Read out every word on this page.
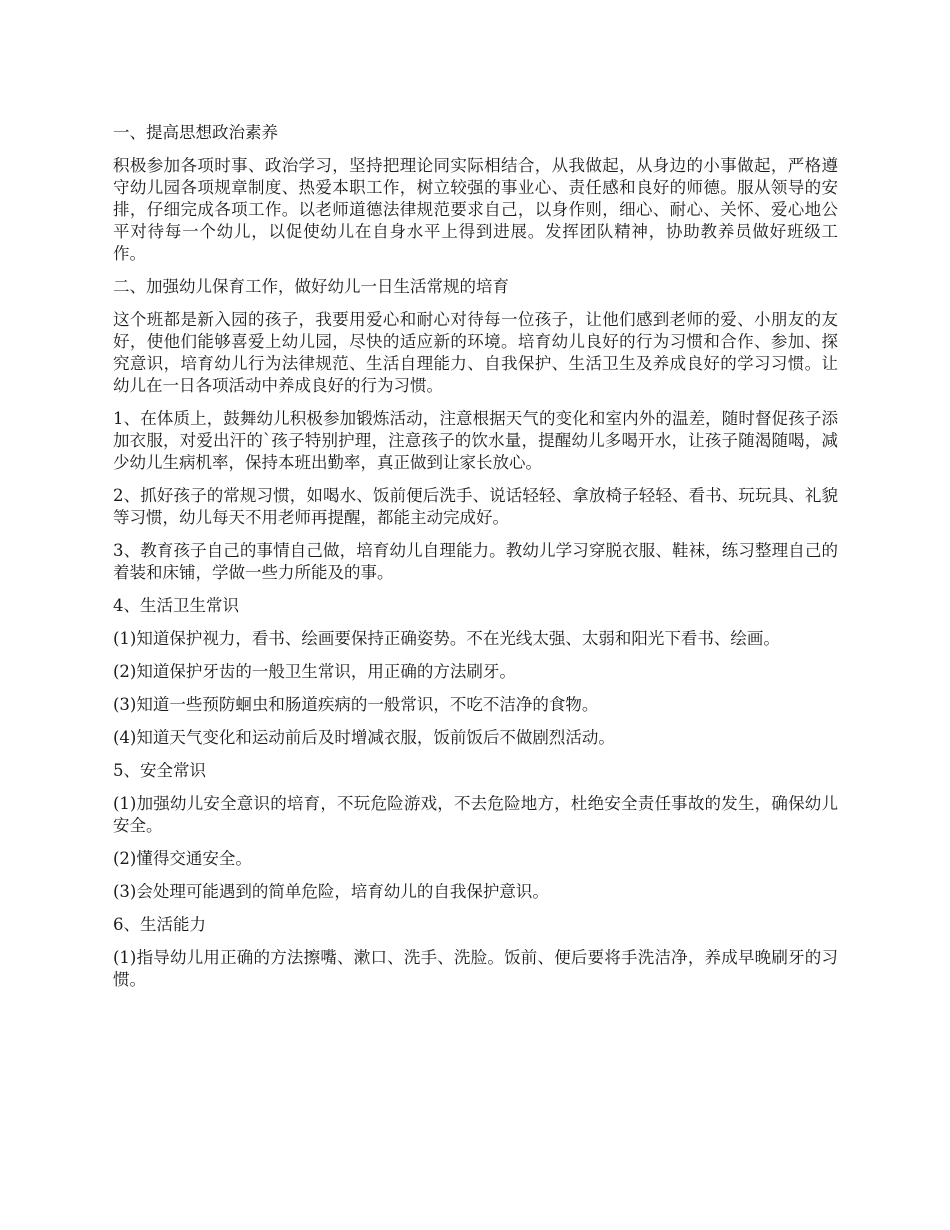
一、提高思想政治素养

积极参加各项时事、政治学习，坚持把理论同实际相结合，从我做起，从身边的小事做起，严格遵守幼儿园各项规章制度、热爱本职工作，树立较强的事业心、责任感和良好的师德。服从领导的安排，仔细完成各项工作。以老师道德法律规范要求自己，以身作则，细心、耐心、关怀、爱心地公平对待每一个幼儿，以促使幼儿在自身水平上得到进展。发挥团队精神，协助教养员做好班级工作。

二、加强幼儿保育工作，做好幼儿一日生活常规的培育

这个班都是新入园的孩子，我要用爱心和耐心对待每一位孩子，让他们感到老师的爱、小朋友的友好，使他们能够喜爱上幼儿园，尽快的适应新的环境。培育幼儿良好的行为习惯和合作、参加、探究意识，培育幼儿行为法律规范、生活自理能力、自我保护、生活卫生及养成良好的学习习惯。让幼儿在一日各项活动中养成良好的行为习惯。

1、在体质上，鼓舞幼儿积极参加锻炼活动，注意根据天气的变化和室内外的温差，随时督促孩子添加衣服，对爱出汗的`孩子特别护理，注意孩子的饮水量，提醒幼儿多喝开水，让孩子随渴随喝，减少幼儿生病机率，保持本班出勤率，真正做到让家长放心。

2、抓好孩子的常规习惯，如喝水、饭前便后洗手、说话轻轻、拿放椅子轻轻、看书、玩玩具、礼貌等习惯，幼儿每天不用老师再提醒，都能主动完成好。

3、教育孩子自己的事情自己做，培育幼儿自理能力。教幼儿学习穿脱衣服、鞋袜，练习整理自己的着装和床铺，学做一些力所能及的事。

4、生活卫生常识

(1)知道保护视力，看书、绘画要保持正确姿势。不在光线太强、太弱和阳光下看书、绘画。

(2)知道保护牙齿的一般卫生常识，用正确的方法刷牙。

(3)知道一些预防蛔虫和肠道疾病的一般常识，不吃不洁净的食物。

(4)知道天气变化和运动前后及时增减衣服，饭前饭后不做剧烈活动。

5、安全常识

(1)加强幼儿安全意识的培育，不玩危险游戏，不去危险地方，杜绝安全责任事故的发生，确保幼儿安全。

(2)懂得交通安全。

(3)会处理可能遇到的简单危险，培育幼儿的自我保护意识。

6、生活能力

(1)指导幼儿用正确的方法擦嘴、漱口、洗手、洗脸。饭前、便后要将手洗洁净，养成早晚刷牙的习惯。
